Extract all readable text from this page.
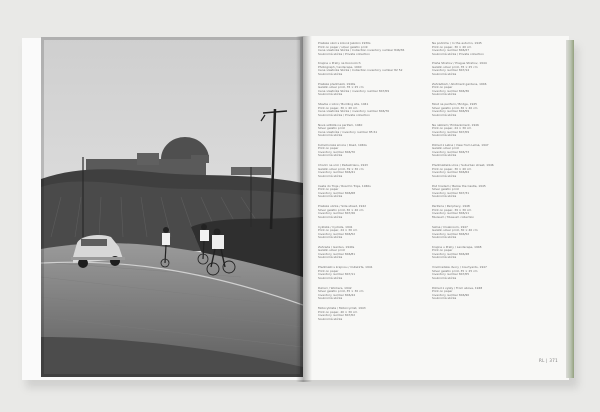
Pražské okolí s kolonií Jakobín 1930s
Print on paper / silver gelatin print
Cena vlastníka Sbírka / Collection inventory number 846/36
Soukromá sbírka / Private collection
Krajina u Prahy na Kocovicích
Photograph / landscape, 1940
Cena vlastníka Sbírka / Collection inventory number 82 52
Soukromá sbírka
Pražské předměstí, 1940s
Gelatin silver print, 35 × 25 cm
Cena vlastníka Sbírka / inventory number 847/09
Soukromá sbírka
Stavba v Libni / Building site, 1941
Print on paper, 30 × 40 cm
Cena vlastníka Sbírka / inventory number 846/76
Soukromá sbírka / Private collection
Nové sídliště na periferii, 1940
Silver gelatin print
Cena vlastníka / inventory number 85 61
Soukromá sbírka
Kutnohorská silnice / Road, 1940s
Print on paper
Inventory number 846/70
Soukromá sbírka
Chodci na ulici / Pedestrians, 1943
Gelatin silver print, 39 × 30 cm
Inventory number 846/41
Soukromá sbírka
Cesta do Troje / Road to Troja, 1940s
Print on paper
Inventory number 846/68
Soukromá sbírka
Pražská ulička / Side street, 1942
Silver gelatin print, 30 × 40 cm
Inventory number 847/26
Soukromá sbírka
Cyklisté / Cyclists, 1941
Print on paper, 24 × 30 cm
Inventory number 846/52
Soukromá sbírka
Zahrada / Garden, 1940s
Gelatin silver print
Inventory number 846/81
Soukromá sbírka
Předměstí s krajinou / Outskirts, 1941
Print on paper
Inventory number 847/11
Soukromá sbírka
Dělníci / Workers, 1942
Silver gelatin print, 35 × 30 cm
Inventory number 846/44
Soukromá sbírka
Motocyklista / Motorcyclist, 1943
Print on paper, 40 × 30 cm
Inventory number 847/02
Soukromá sbírka
Na podzimu / In the autumn, 1945
Print on paper, 30 × 40 cm
Inventory number 846/27
Soukromá sbírka / Private collection
Praha Strahov / Prague Strahov, 1944
Gelatin silver print, 35 × 25 cm
Inventory number 847/14
Soukromá sbírka
Zahrádkáři / Allotment gardens, 1946
Print on paper
Inventory number 846/36
Soukromá sbírka
Most na periferii / Bridge, 1945
Silver gelatin print, 30 × 40 cm
Inventory number 846/59
Soukromá sbírka
Na nábřeží / Embankment, 1946
Print on paper, 24 × 30 cm
Inventory number 847/09
Soukromá sbírka
Pohled z Letné / View from Letná, 1947
Gelatin silver print
Inventory number 846/73
Soukromá sbírka
Předměstská ulice / Suburban street, 1946
Print on paper, 30 × 40 cm
Inventory number 846/64
Soukromá sbírka
Pod hradem / Below the Castle, 1945
Silver gelatin print
Inventory number 847/31
Soukromá sbírka
Periferie / Periphery, 1948
Print on paper, 39 × 30 cm
Inventory number 846/11
Muzeum / Museum collection
Šatna / Cloakroom, 1947
Gelatin silver print, 30 × 40 cm
Inventory number 846/52
Soukromá sbírka
Krajina u Prahy / Landscape, 1948
Print on paper
Inventory number 846/48
Soukromá sbírka
Vinohradské dvory / Courtyards, 1947
Silver gelatin print, 35 × 25 cm
Inventory number 847/05
Soukromá sbírka
Pohled z výšky / From above, 1948
Print on paper
Inventory number 846/90
Soukromá sbírka
RL | 371
